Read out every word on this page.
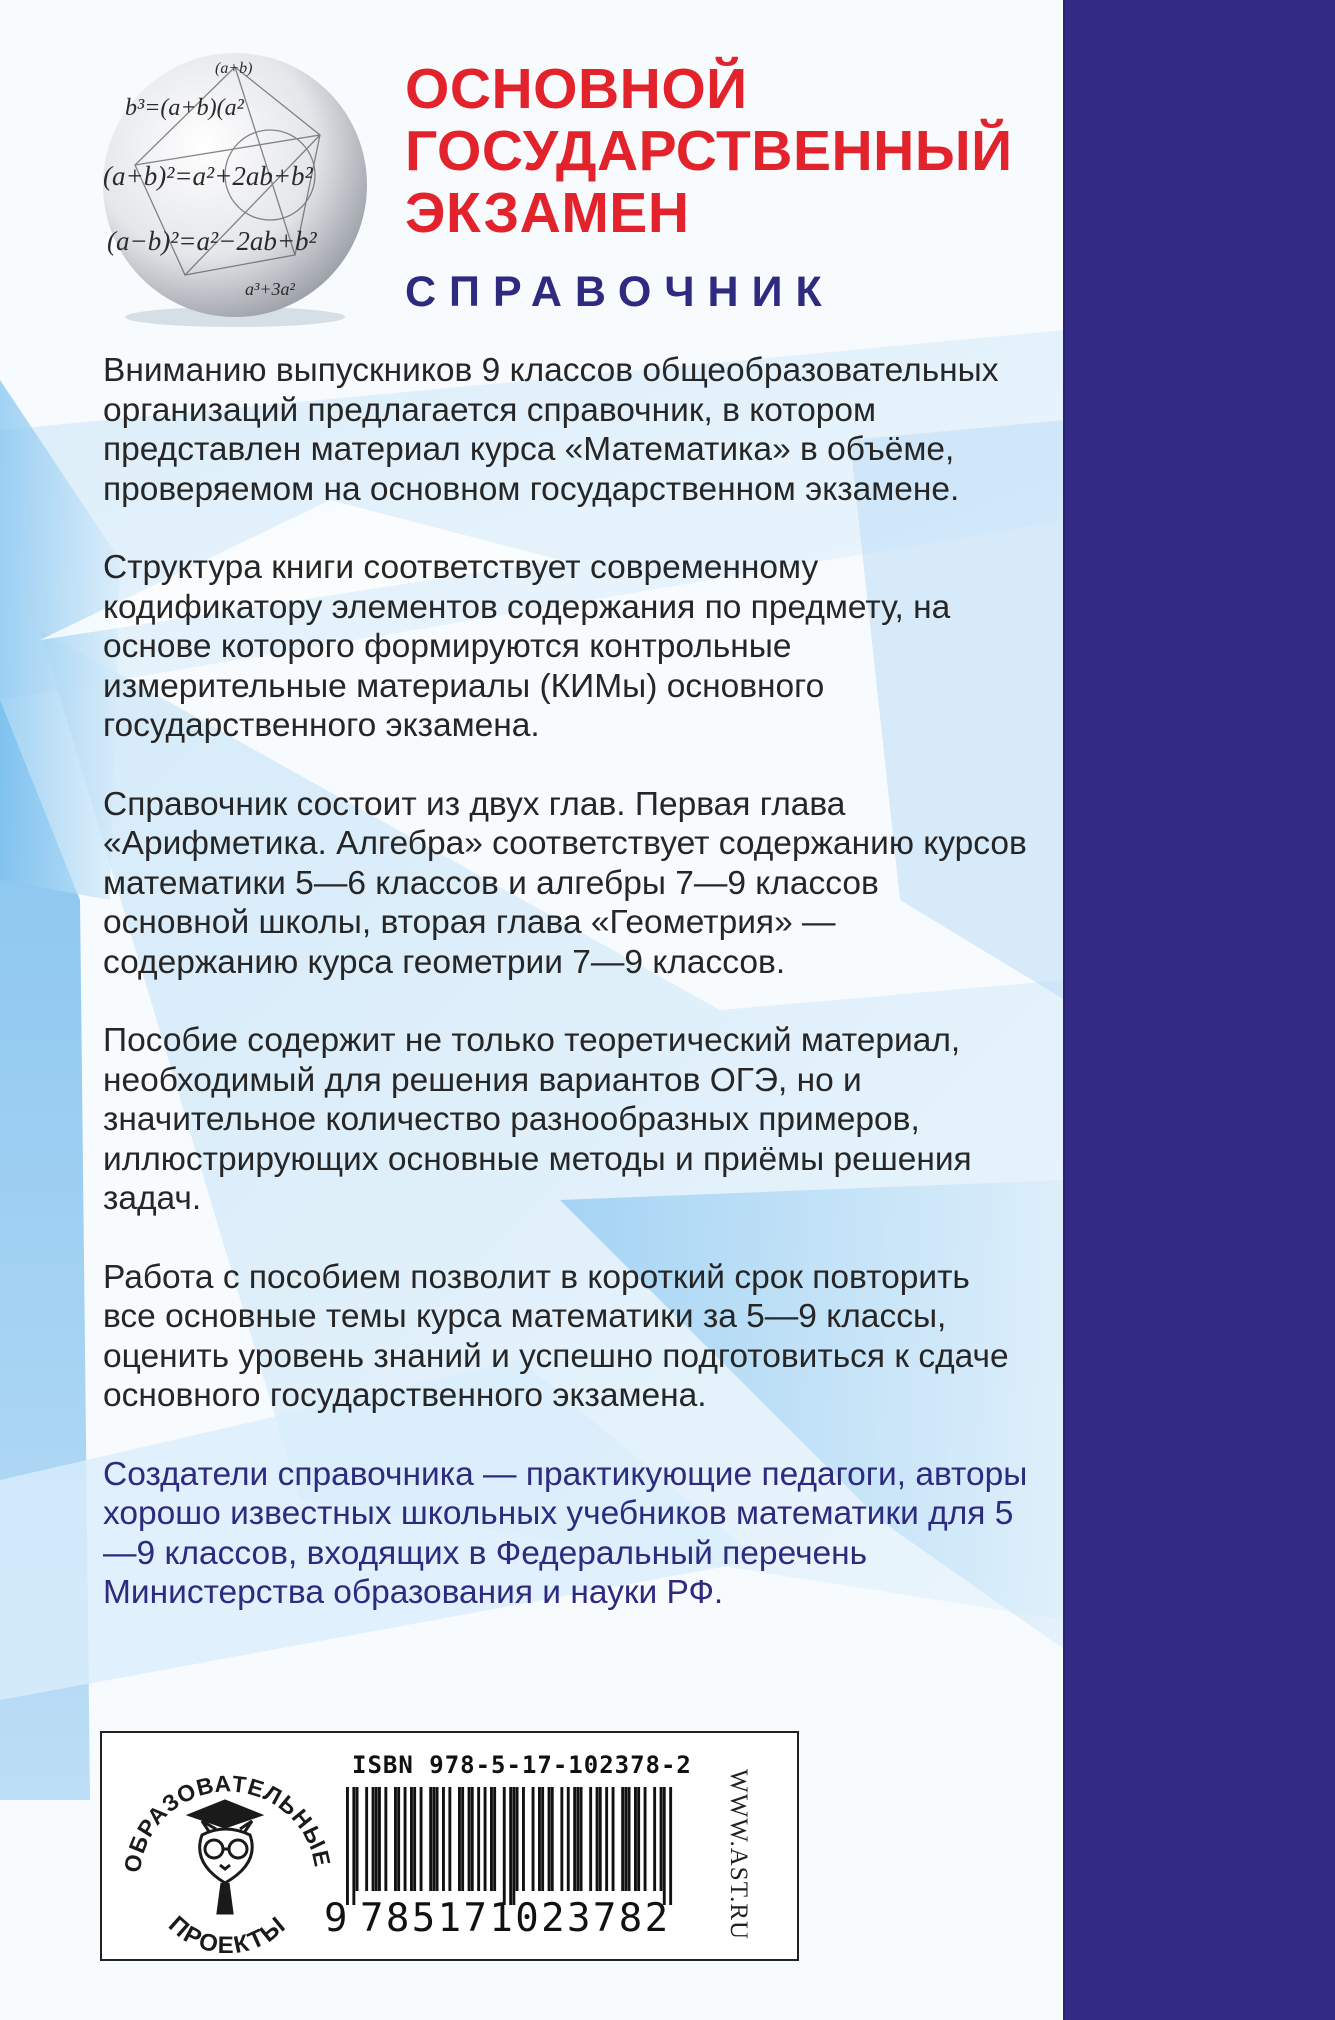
(a+b)
b³=(a+b)(a²
(a+b)²=a²+2ab+b²
(a−b)²=a²−2ab+b²
a³+3a²
ОСНОВНОЙ
ГОСУДАРСТВЕННЫЙ
ЭКЗАМЕН
СПРАВОЧНИК

Вниманию выпускников 9 классов общеобразовательных организаций предлагается справочник, в котором представлен материал курса «Математика» в объёме, проверяемом на основном государственном экзамене.

Структура книги соответствует современному кодификатору элементов содержания по предмету, на основе которого формируются контрольные измерительные материалы (КИМы) основного государственного экзамена.

Справочник состоит из двух глав. Первая глава «Арифметика. Алгебра» соответствует содержанию курсов математики 5—6 классов и алгебры 7—9 классов основной школы, вторая глава «Геометрия» — содержанию курса геометрии 7—9 классов.

Пособие содержит не только теоретический материал, необходимый для решения вариантов ОГЭ, но и значительное количество разнообразных примеров, иллюстрирующих основные методы и приёмы решения задач.

Работа с пособием позволит в короткий срок повторить все основные темы курса математики за 5—9 классы, оценить уровень знаний и успешно подготовиться к сдаче основного государственного экзамена.

Создатели справочника — практикующие педагоги, авторы хорошо известных школьных учебников математики для 5—9 классов, входящих в Федеральный перечень Министерства образования и науки РФ.

ОБРАЗОВАТЕЛЬНЫЕ
ПРОЕКТЫ
ISBN 978-5-17-102378-2
9 785171023782 WWW.AST.RU
